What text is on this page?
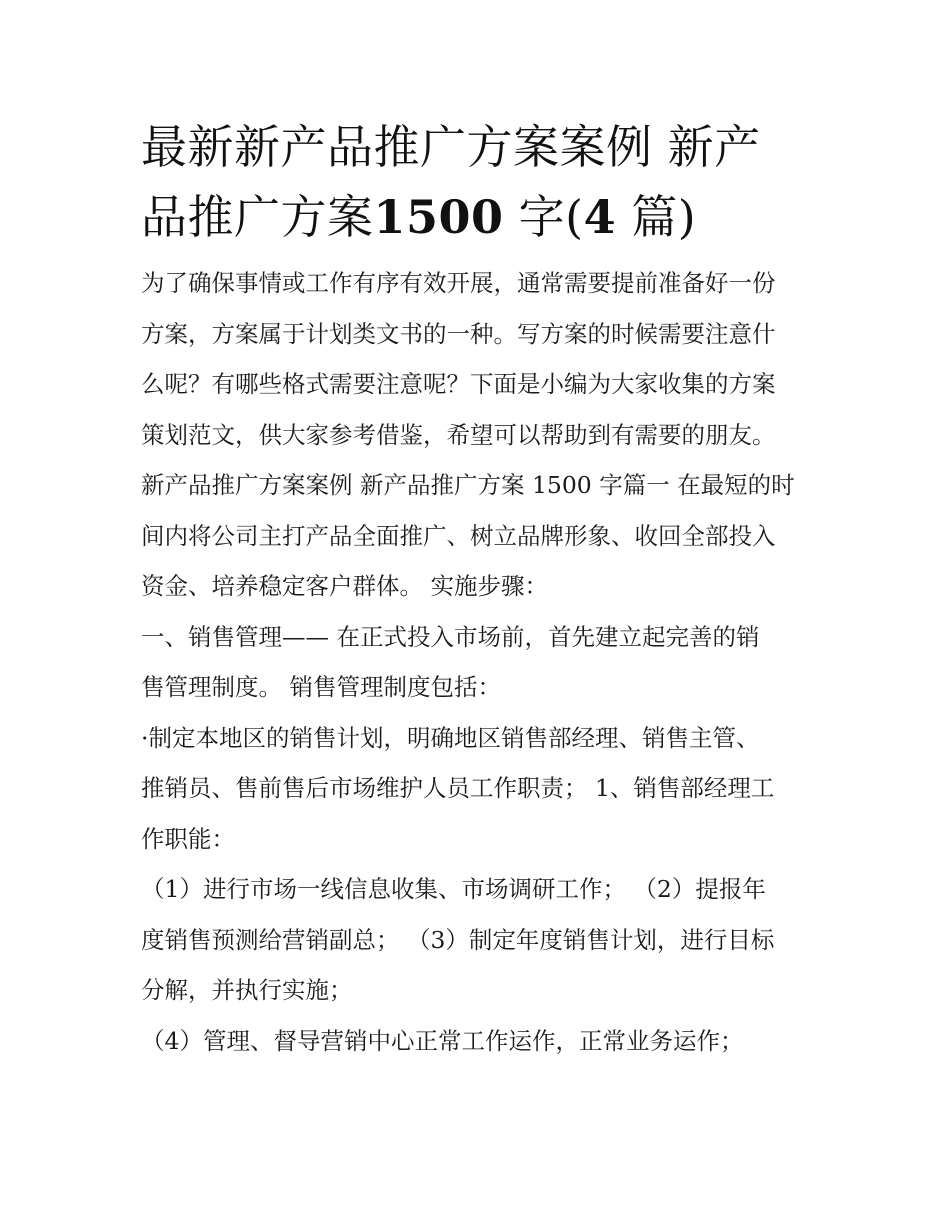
最新新产品推广方案案例 新产
品推广方案1500 字(4 篇)
为了确保事情或工作有序有效开展，通常需要提前准备好一份
方案，方案属于计划类文书的一种。写方案的时候需要注意什
么呢？有哪些格式需要注意呢？下面是小编为大家收集的方案
策划范文，供大家参考借鉴，希望可以帮助到有需要的朋友。
新产品推广方案案例 新产品推广方案 1500 字篇一 在最短的时
间内将公司主打产品全面推广、树立品牌形象、收回全部投入
资金、培养稳定客户群体。 实施步骤：
一、销售管理—— 在正式投入市场前，首先建立起完善的销
售管理制度。 销售管理制度包括：
·制定本地区的销售计划，明确地区销售部经理、销售主管、
推销员、售前售后市场维护人员工作职责； 1、销售部经理工
作职能：
（1）进行市场一线信息收集、市场调研工作； （2）提报年
度销售预测给营销副总； （3）制定年度销售计划，进行目标
分解，并执行实施；
（4）管理、督导营销中心正常工作运作，正常业务运作；
